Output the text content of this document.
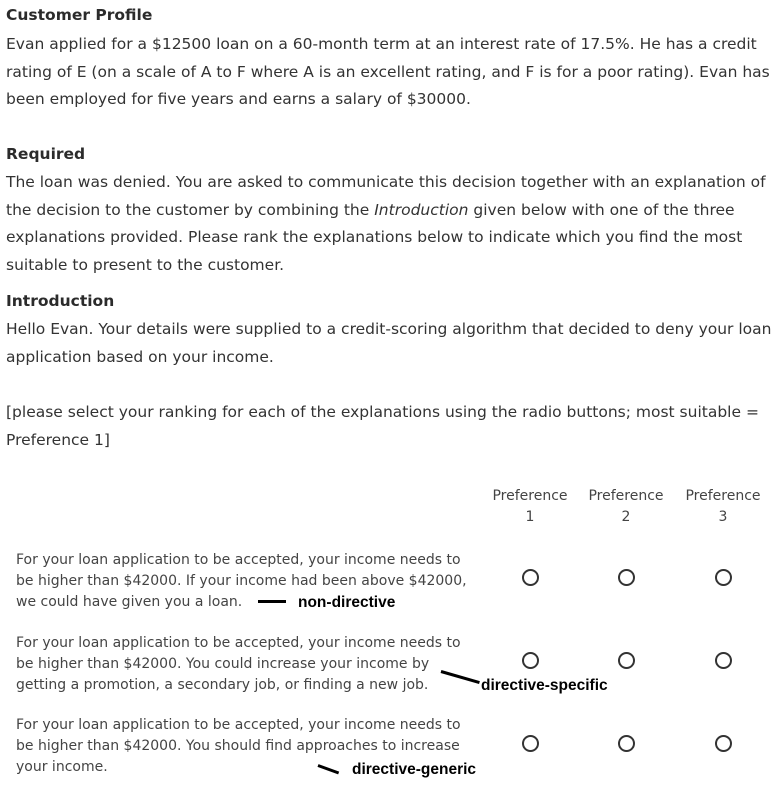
Customer Profile
Evan applied for a $12500 loan on a 60-month term at an interest rate of 17.5%. He has a credit rating of E (on a scale of A to F where A is an excellent rating, and F is for a poor rating). Evan has been employed for five years and earns a salary of $30000.
Required
The loan was denied. You are asked to communicate this decision together with an explanation of the decision to the customer by combining the Introduction given below with one of the three explanations provided. Please rank the explanations below to indicate which you find the most suitable to present to the customer.
Introduction
Hello Evan. Your details were supplied to a credit-scoring algorithm that decided to deny your loan application based on your income.
[please select your ranking for each of the explanations using the radio buttons; most suitable = Preference 1]
Preference
1
Preference
2
Preference
3
For your loan application to be accepted, your income needs to be higher than $42000. If your income had been above $42000, we could have given you a loan.
For your loan application to be accepted, your income needs to be higher than $42000. You could increase your income by getting a promotion, a secondary job, or finding a new job.
For your loan application to be accepted, your income needs to be higher than $42000. You should find approaches to increase your income.
non-directive
directive-specific
directive-generic
